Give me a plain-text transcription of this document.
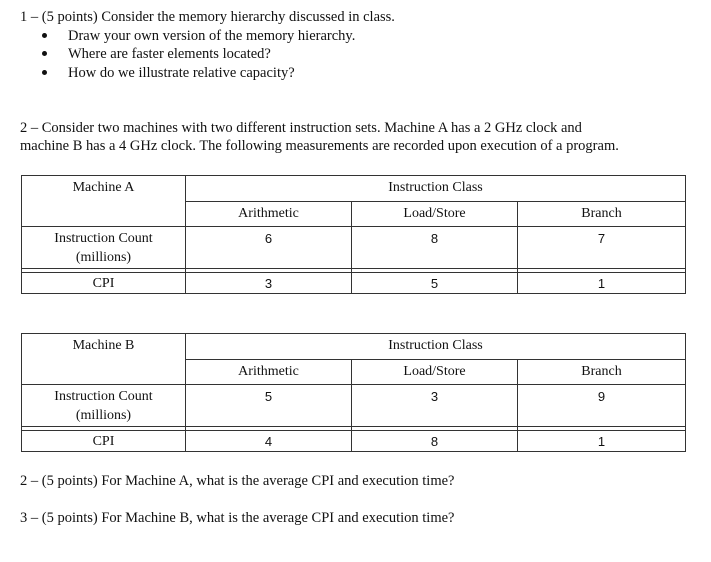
1 – (5 points) Consider the memory hierarchy discussed in class.
Draw your own version of the memory hierarchy.
Where are faster elements located?
How do we illustrate relative capacity?
2 – Consider two machines with two different instruction sets. Machine A has a 2 GHz clock and
machine B has a 4 GHz clock. The following measurements are recorded upon execution of a program.
Machine A	Instruction Class		

	Arithmetic	Load/Store	Branch

Instruction Count
(millions)	6	8	7

CPI	3	5	1
Machine B	Instruction Class		

	Arithmetic	Load/Store	Branch

Instruction Count
(millions)	5	3	9

CPI	4	8	1
2 – (5 points) For Machine A, what is the average CPI and execution time?
3 – (5 points) For Machine B, what is the average CPI and execution time?
